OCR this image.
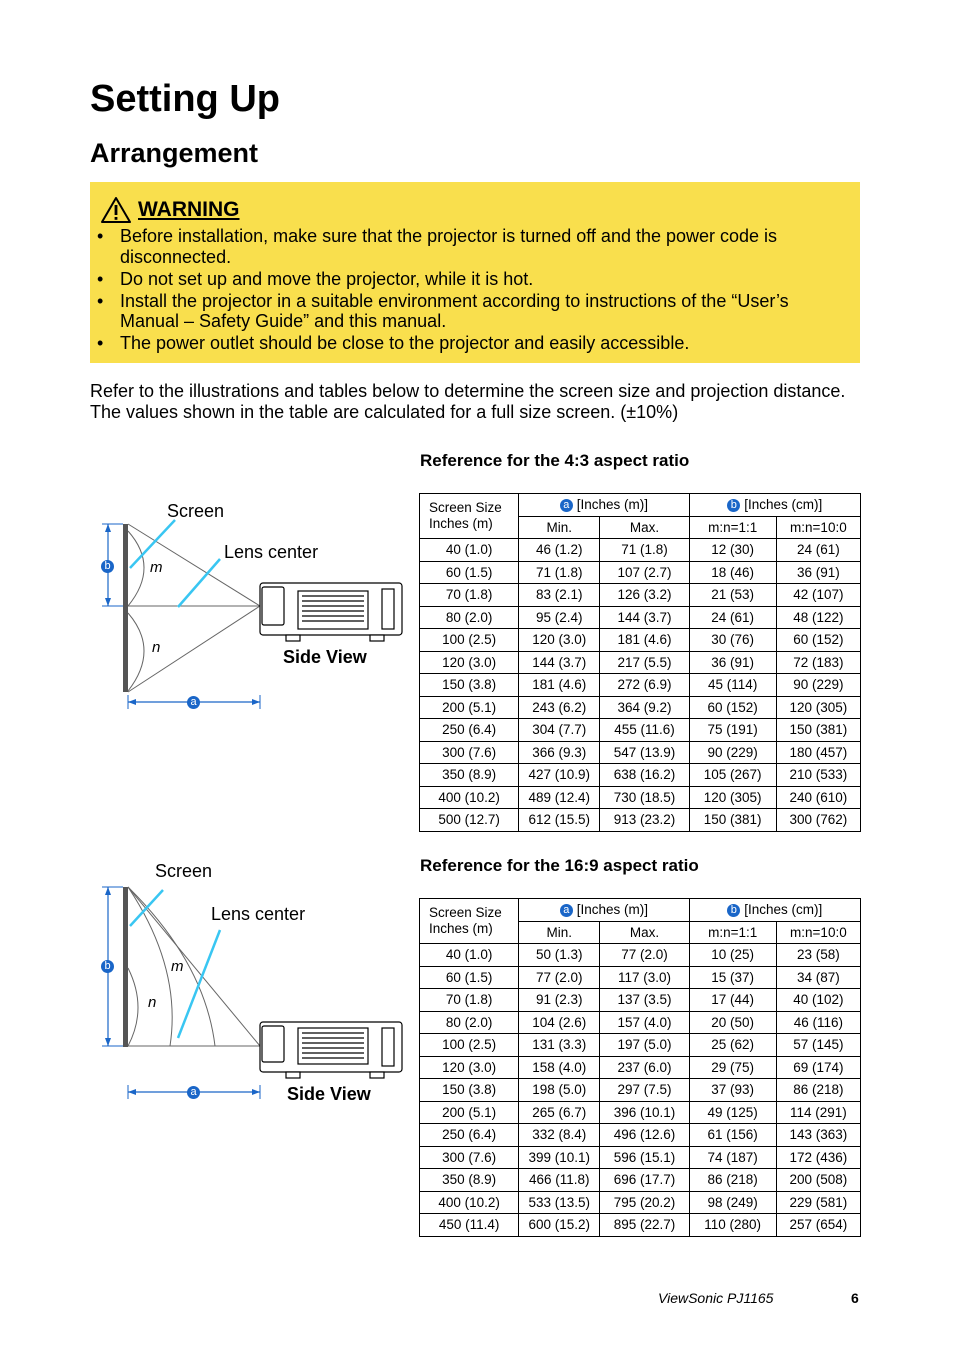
Setting Up
Arrangement
WARNING
• Before installation, make sure that the projector is turned off and the power code is disconnected.
• Do not set up and move the projector, while it is hot.
• Install the projector in a suitable environment according to instructions of the “User’s Manual – Safety Guide” and this manual.
• The power outlet should be close to the projector and easily accessible.
Refer to the illustrations and tables below to determine the screen size and projection distance. The values shown in the table are calculated for a full size screen. (±10%)
Screen
Lens center
Side View
m
n
b
a
Screen
Lens center
Side View
m
n
b
a
Reference for the 4:3 aspect ratio
Screen Size Inches (m)	a [Inches (m)]		b [Inches (cm)]	
	Min.	Max.	m:n=1:1	m:n=10:0
40 (1.0)	46 (1.2)	71 (1.8)	12 (30)	24 (61)
60 (1.5)	71 (1.8)	107 (2.7)	18 (46)	36 (91)
70 (1.8)	83 (2.1)	126 (3.2)	21 (53)	42 (107)
80 (2.0)	95 (2.4)	144 (3.7)	24 (61)	48 (122)
100 (2.5)	120 (3.0)	181 (4.6)	30 (76)	60 (152)
120 (3.0)	144 (3.7)	217 (5.5)	36 (91)	72 (183)
150 (3.8)	181 (4.6)	272 (6.9)	45 (114)	90 (229)
200 (5.1)	243 (6.2)	364 (9.2)	60 (152)	120 (305)
250 (6.4)	304 (7.7)	455 (11.6)	75 (191)	150 (381)
300 (7.6)	366 (9.3)	547 (13.9)	90 (229)	180 (457)
350 (8.9)	427 (10.9)	638 (16.2)	105 (267)	210 (533)
400 (10.2)	489 (12.4)	730 (18.5)	120 (305)	240 (610)
500 (12.7)	612 (15.5)	913 (23.2)	150 (381)	300 (762)
Reference for the 16:9 aspect ratio
Screen Size Inches (m)	a [Inches (m)]		b [Inches (cm)]	
	Min.	Max.	m:n=1:1	m:n=10:0
40 (1.0)	50 (1.3)	77 (2.0)	10 (25)	23 (58)
60 (1.5)	77 (2.0)	117 (3.0)	15 (37)	34 (87)
70 (1.8)	91 (2.3)	137 (3.5)	17 (44)	40 (102)
80 (2.0)	104 (2.6)	157 (4.0)	20 (50)	46 (116)
100 (2.5)	131 (3.3)	197 (5.0)	25 (62)	57 (145)
120 (3.0)	158 (4.0)	237 (6.0)	29 (75)	69 (174)
150 (3.8)	198 (5.0)	297 (7.5)	37 (93)	86 (218)
200 (5.1)	265 (6.7)	396 (10.1)	49 (125)	114 (291)
250 (6.4)	332 (8.4)	496 (12.6)	61 (156)	143 (363)
300 (7.6)	399 (10.1)	596 (15.1)	74 (187)	172 (436)
350 (8.9)	466 (11.8)	696 (17.7)	86 (218)	200 (508)
400 (10.2)	533 (13.5)	795 (20.2)	98 (249)	229 (581)
450 (11.4)	600 (15.2)	895 (22.7)	110 (280)	257 (654)
ViewSonic PJ1165	6
